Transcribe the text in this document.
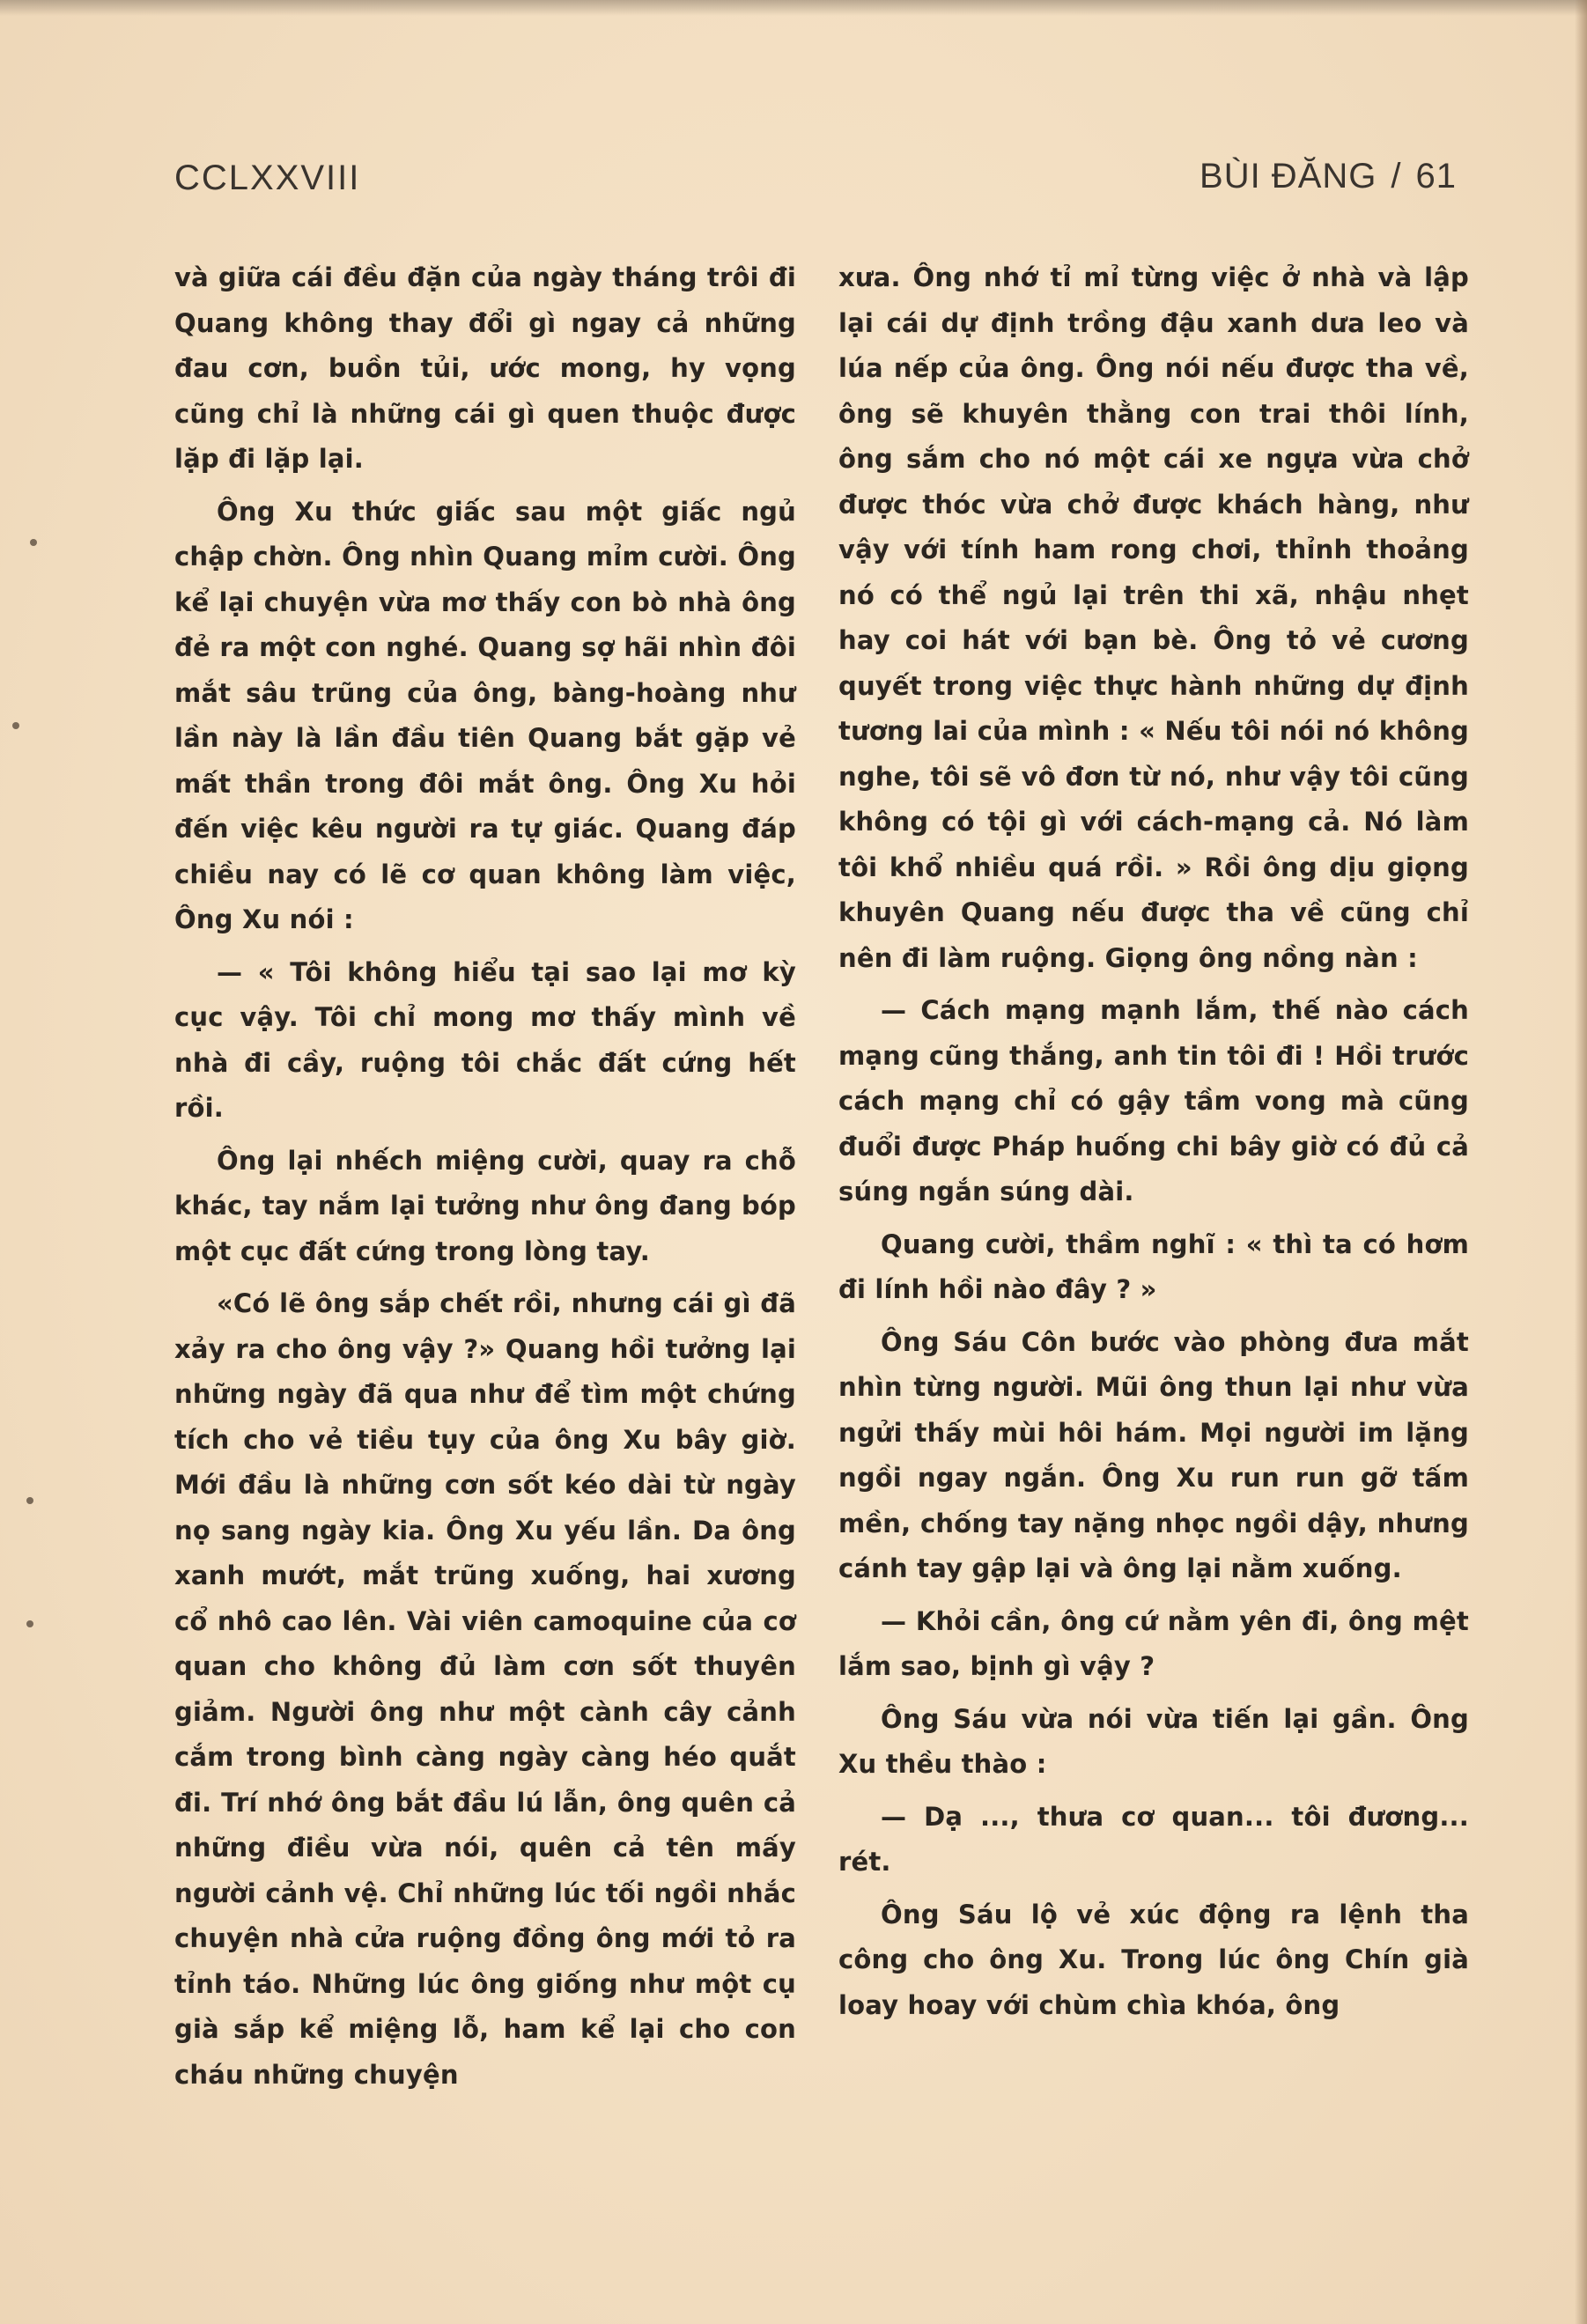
CCLXXVIII	BÙI ĐĂNG / 61

và giữa cái đều đặn của ngày tháng trôi đi Quang không thay đổi gì ngay cả những đau cơn, buồn tủi, ước mong, hy vọng cũng chỉ là những cái gì quen thuộc được lặp đi lặp lại.

Ông Xu thức giấc sau một giấc ngủ chập chờn. Ông nhìn Quang mỉm cười. Ông kể lại chuyện vừa mơ thấy con bò nhà ông đẻ ra một con nghé. Quang sợ hãi nhìn đôi mắt sâu trũng của ông, bàng-hoàng như lần này là lần đầu tiên Quang bắt gặp vẻ mất thần trong đôi mắt ông. Ông Xu hỏi đến việc kêu người ra tự giác. Quang đáp chiều nay có lẽ cơ quan không làm việc, Ông Xu nói :

— « Tôi không hiểu tại sao lại mơ kỳ cục vậy. Tôi chỉ mong mơ thấy mình về nhà đi cầy, ruộng tôi chắc đất cứng hết rồi.

Ông lại nhếch miệng cười, quay ra chỗ khác, tay nắm lại tưởng như ông đang bóp một cục đất cứng trong lòng tay.

«Có lẽ ông sắp chết rồi, nhưng cái gì đã xảy ra cho ông vậy ?» Quang hồi tưởng lại những ngày đã qua như để tìm một chứng tích cho vẻ tiều tụy của ông Xu bây giờ. Mới đầu là những cơn sốt kéo dài từ ngày nọ sang ngày kia. Ông Xu yếu lần. Da ông xanh mướt, mắt trũng xuống, hai xương cổ nhô cao lên. Vài viên camoquine của cơ quan cho không đủ làm cơn sốt thuyên giảm. Người ông như một cành cây cảnh cắm trong bình càng ngày càng héo quắt đi. Trí nhớ ông bắt đầu lú lẫn, ông quên cả những điều vừa nói, quên cả tên mấy người cảnh vệ. Chỉ những lúc tối ngồi nhắc chuyện nhà cửa ruộng đồng ông mới tỏ ra tỉnh táo. Những lúc ông giống như một cụ già sắp kể miệng lỗ, ham kể lại cho con cháu những chuyện

xưa. Ông nhớ tỉ mỉ từng việc ở nhà và lập lại cái dự định trồng đậu xanh dưa leo và lúa nếp của ông. Ông nói nếu được tha về, ông sẽ khuyên thằng con trai thôi lính, ông sắm cho nó một cái xe ngựa vừa chở được thóc vừa chở được khách hàng, như vậy với tính ham rong chơi, thỉnh thoảng nó có thể ngủ lại trên thi xã, nhậu nhẹt hay coi hát với bạn bè. Ông tỏ vẻ cương quyết trong việc thực hành những dự định tương lai của mình : « Nếu tôi nói nó không nghe, tôi sẽ vô đơn từ nó, như vậy tôi cũng không có tội gì với cách-mạng cả. Nó làm tôi khổ nhiều quá rồi. » Rồi ông dịu giọng khuyên Quang nếu được tha về cũng chỉ nên đi làm ruộng. Giọng ông nồng nàn :

— Cách mạng mạnh lắm, thế nào cách mạng cũng thắng, anh tin tôi đi ! Hồi trước cách mạng chỉ có gậy tầm vong mà cũng đuổi được Pháp huống chi bây giờ có đủ cả súng ngắn súng dài.

Quang cười, thầm nghĩ : « thì ta có hơm đi lính hồi nào đây ? »

Ông Sáu Côn bước vào phòng đưa mắt nhìn từng người. Mũi ông thun lại như vừa ngửi thấy mùi hôi hám. Mọi người im lặng ngồi ngay ngắn. Ông Xu run run gỡ tấm mền, chống tay nặng nhọc ngồi dậy, nhưng cánh tay gập lại và ông lại nằm xuống.

— Khỏi cần, ông cứ nằm yên đi, ông mệt lắm sao, bịnh gì vậy ?

Ông Sáu vừa nói vừa tiến lại gần. Ông Xu thều thào :

— Dạ ..., thưa cơ quan... tôi đương... rét.

Ông Sáu lộ vẻ xúc động ra lệnh tha công cho ông Xu. Trong lúc ông Chín già loay hoay với chùm chìa khóa, ông
